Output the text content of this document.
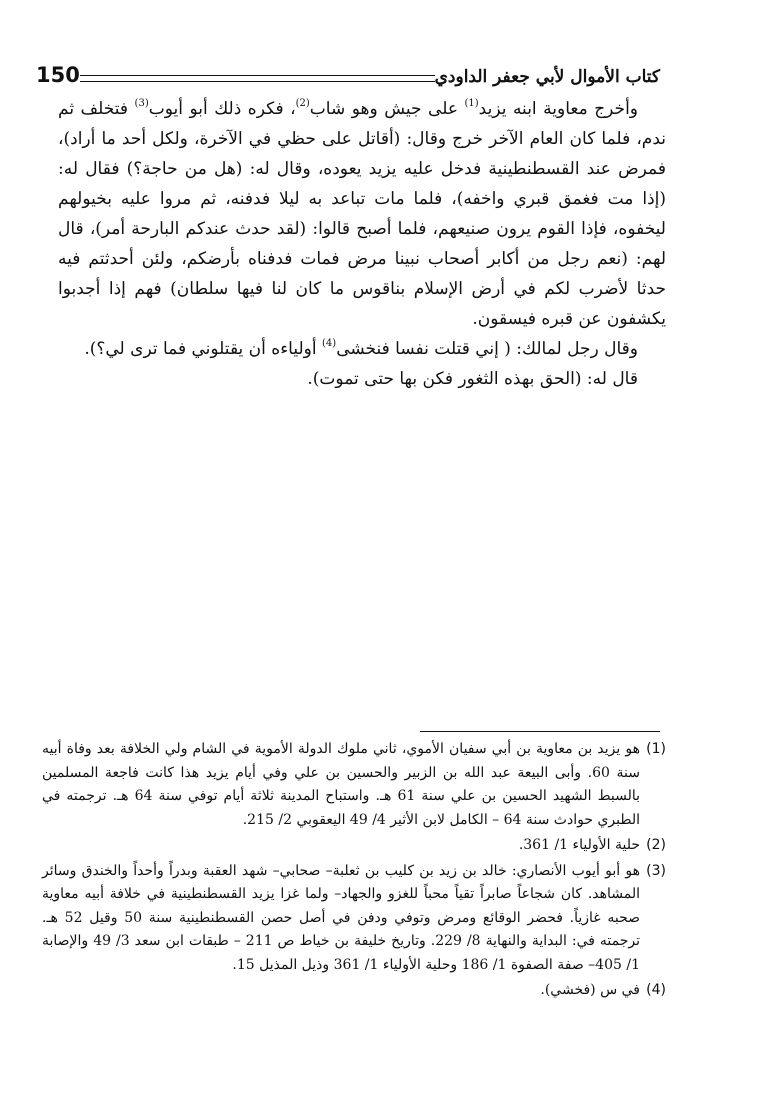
150	كتاب الأموال لأبي جعفر الداودي

وأخرج معاوية ابنه يزيد$^{(1)}$ على جيش وهو شاب$^{(2)}$، فكره ذلك أبو أيوب$^{(3)}$ فتخلف ثم ندم، فلما كان العام الآخر خرج وقال: (أقاتل على حظي في الآخرة، ولكل أحد ما أراد)، فمرض عند القسطنطينية فدخل عليه يزيد يعوده، وقال له: (هل من حاجة؟) فقال له: (إذا مت فغمق قبري واخفه)، فلما مات تباعد به ليلا فدفنه، ثم مروا عليه بخيولهم ليخفوه، فإذا القوم يرون صنيعهم، فلما أصبح قالوا: (لقد حدث عندكم البارحة أمر)، قال لهم: (نعم رجل من أكابر أصحاب نبينا مرض فمات فدفناه بأرضكم، ولئن أحدثتم فيه حدثا لأضرب لكم في أرض الإسلام بناقوس ما كان لنا فيها سلطان) فهم إذا أجدبوا يكشفون عن قبره فيسقون.

وقال رجل لمالك: ( إني قتلت نفسا فنخشى$^{(4)}$ أولياءه أن يقتلوني فما ترى لي؟).

قال له: (الحق بهذه الثغور فكن بها حتى تموت).

(1)
هو يزيد بن معاوية بن أبي سفيان الأموي، ثاني ملوك الدولة الأموية في الشام ولي الخلافة بعد وفاة أبيه سنة 60. وأبى البيعة عبد الله بن الزبير والحسين بن علي وفي أيام يزيد هذا كانت فاجعة المسلمين بالسبط الشهيد الحسين بن علي سنة 61 هـ. واستباح المدينة ثلاثة أيام توفي سنة 64 هـ. ترجمته في الطبري حوادث سنة 64 – الكامل لابن الأثير 4/ 49 اليعقوبي 2/ 215.
(2)
حلية الأولياء 1/ 361.
(3)
هو أبو أيوب الأنصاري: خالد بن زيد بن كليب بن ثعلبة– صحابي– شهد العقبة وبدراً وأحداً والخندق وسائر المشاهد. كان شجاعاً صابراً تقياً محباً للغزو والجهاد– ولما غزا يزيد القسطنطينية في خلافة أبيه معاوية صحبه غازياً. فحضر الوقائع ومرض وتوفي ودفن في أصل حصن القسطنطينية سنة 50 وقيل 52 هـ. ترجمته في: البداية والنهاية 8/ 229. وتاريخ خليفة بن خياط ص 211 – طبقات ابن سعد 3/ 49 والإصابة 1/ 405– صفة الصفوة 1/ 186 وحلية الأولياء 1/ 361 وذيل المذيل 15.
(4)
في س (فخشي).
